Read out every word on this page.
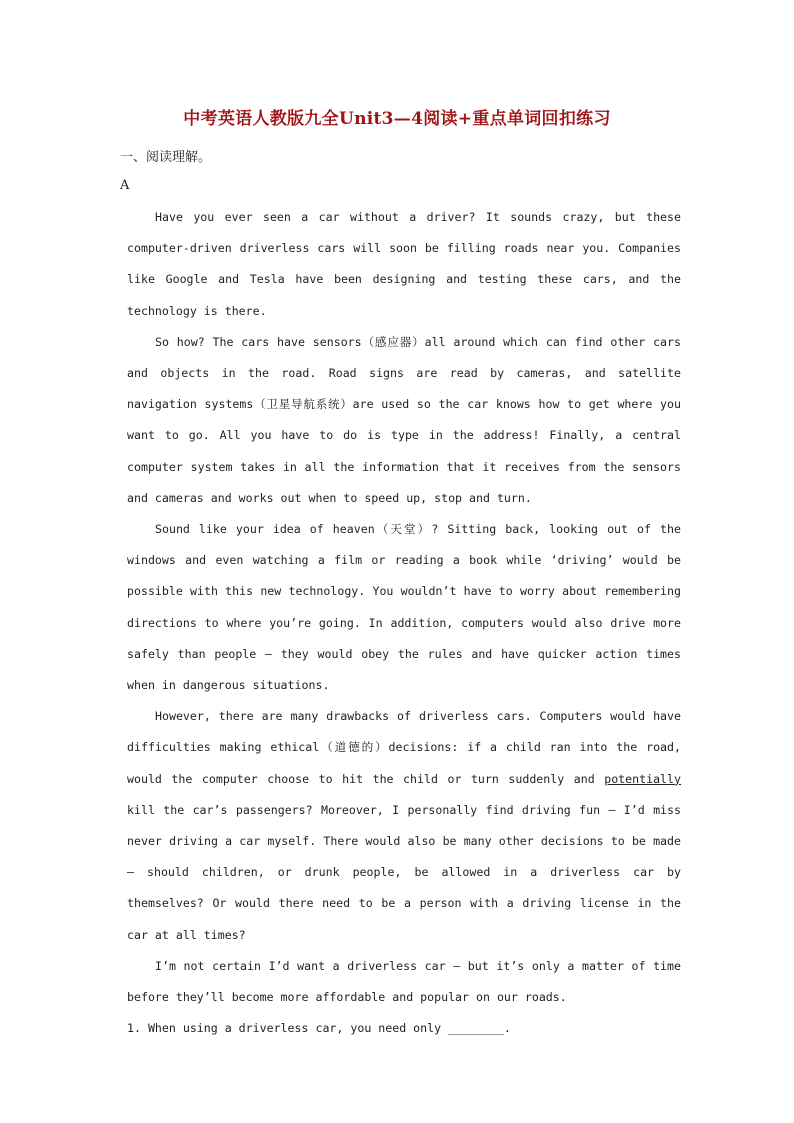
中考英语人教版九全Unit3—4阅读+重点单词回扣练习
一、阅读理解。
A

Have you ever seen a car without a driver? It sounds crazy, but these computer-driven driverless cars will soon be filling roads near you. Companies like Google and Tesla have been designing and testing these cars, and the technology is there.

So how? The cars have sensors（感应器）all around which can find other cars and objects in the road. Road signs are read by cameras, and satellite navigation systems（卫星导航系统）are used so the car knows how to get where you want to go. All you have to do is type in the address! Finally, a central computer system takes in all the information that it receives from the sensors and cameras and works out when to speed up, stop and turn.

Sound like your idea of heaven（天堂）? Sitting back, looking out of the windows and even watching a film or reading a book while ‘driving’ would be possible with this new technology. You wouldn’t have to worry about remembering directions to where you’re going. In addition, computers would also drive more safely than people — they would obey the rules and have quicker action times when in dangerous situations.

However, there are many drawbacks of driverless cars. Computers would have difficulties making ethical（道德的）decisions: if a child ran into the road, would the computer choose to hit the child or turn suddenly and potentially kill the car’s passengers? Moreover, I personally find driving fun – I’d miss never driving a car myself. There would also be many other decisions to be made – should children, or drunk people, be allowed in a driverless car by themselves? Or would there need to be a person with a driving license in the car at all times?

I’m not certain I’d want a driverless car – but it’s only a matter of time before they’ll become more affordable and popular on our roads.

1. When using a driverless car, you need only ________.
